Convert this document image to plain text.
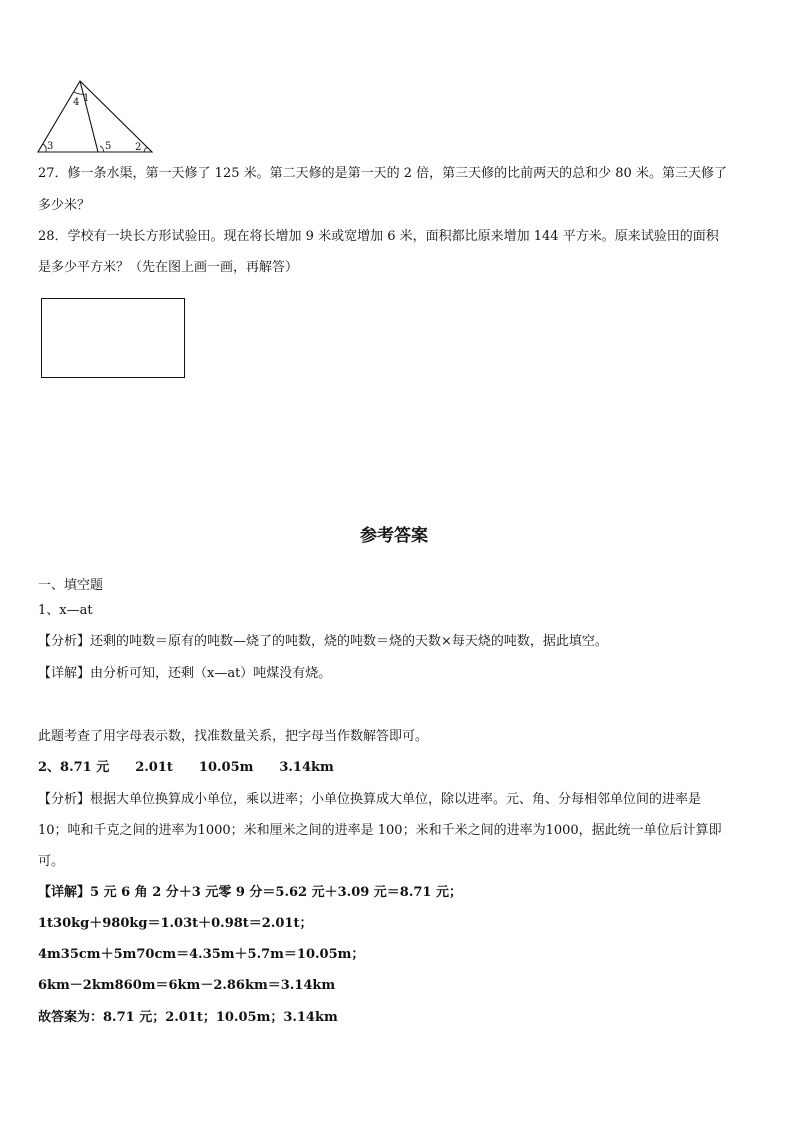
4 1
3	5 2
27．修一条水渠，第一天修了 125 米。第二天修的是第一天的 2 倍，第三天修的比前两天的总和少 80 米。第三天修了
多少米？
28．学校有一块长方形试验田。现在将长增加 9 米或宽增加 6 米，面积都比原来增加 144 平方米。原来试验田的面积
是多少平方米？（先在图上画一画，再解答）
参考答案
一、填空题
1、x—at
【分析】还剩的吨数＝原有的吨数—烧了的吨数，烧的吨数＝烧的天数×每天烧的吨数，据此填空。
【详解】由分析可知，还剩（x—at）吨煤没有烧。
此题考查了用字母表示数，找准数量关系，把字母当作数解答即可。
2、8.71 元　　2.01t　　10.05m　　3.14km
【分析】根据大单位换算成小单位，乘以进率；小单位换算成大单位，除以进率。元、角、分每相邻单位间的进率是
10；吨和千克之间的进率为1000；米和厘米之间的进率是 100；米和千米之间的进率为1000，据此统一单位后计算即
可。
【详解】5 元 6 角 2 分＋3 元零 9 分＝5.62 元＋3.09 元＝8.71 元；
1t30kg＋980kg＝1.03t＋0.98t＝2.01t；
4m35cm＋5m70cm＝4.35m＋5.7m＝10.05m；
6km－2km860m＝6km－2.86km＝3.14km
故答案为：8.71 元；2.01t；10.05m；3.14km
